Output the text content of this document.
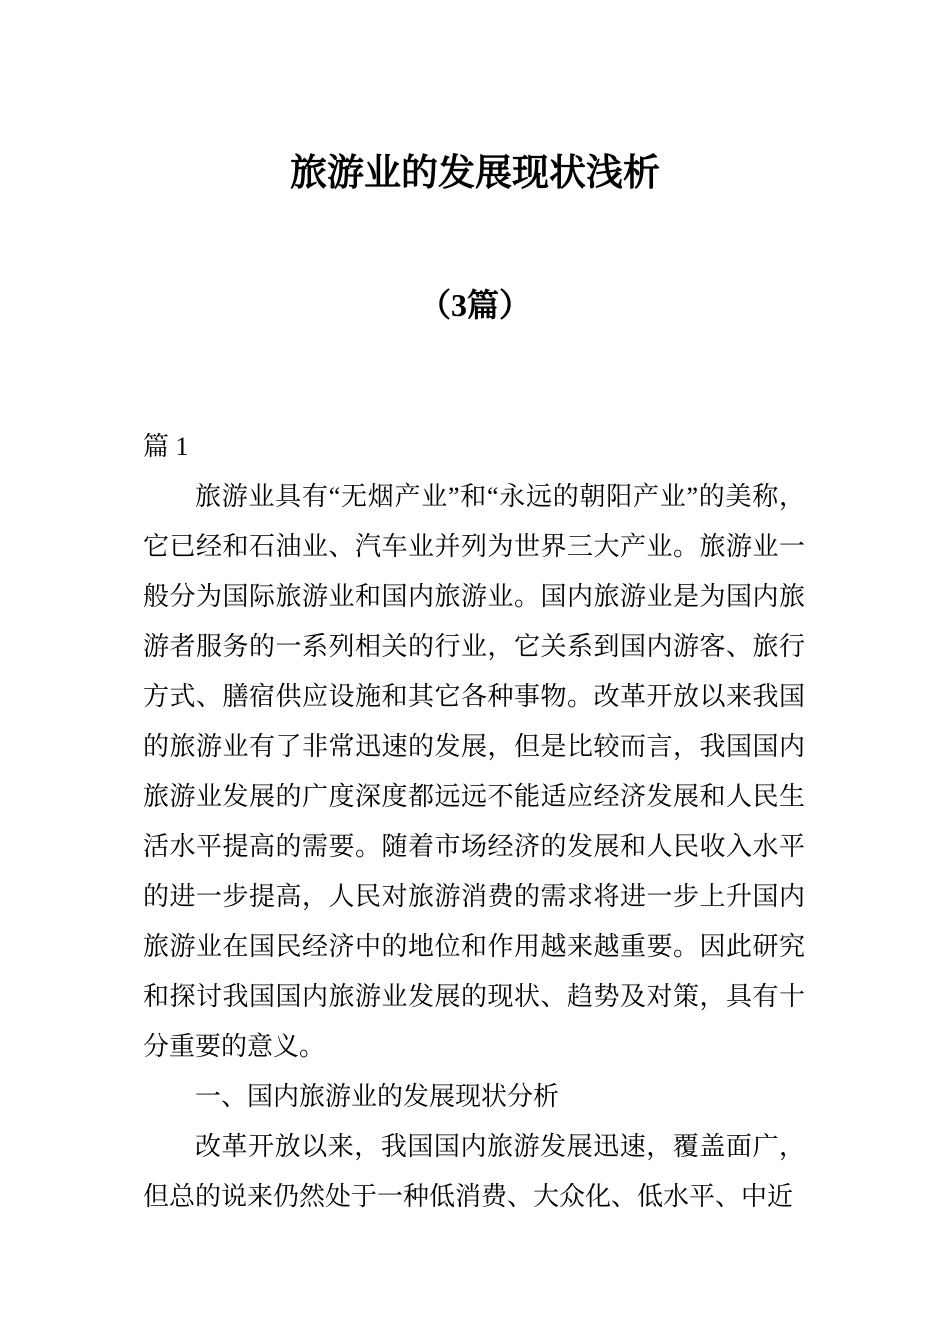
旅游业的发展现状浅析
（3篇）
篇 1

旅游业具有“无烟产业”和“永远的朝阳产业”的美称，它已经和石油业、汽车业并列为世界三大产业。旅游业一般分为国际旅游业和国内旅游业。国内旅游业是为国内旅游者服务的一系列相关的行业，它关系到国内游客、旅行方式、膳宿供应设施和其它各种事物。改革开放以来我国的旅游业有了非常迅速的发展，但是比较而言，我国国内旅游业发展的广度深度都远远不能适应经济发展和人民生活水平提高的需要。随着市场经济的发展和人民收入水平的进一步提高，人民对旅游消费的需求将进一步上升国内旅游业在国民经济中的地位和作用越来越重要。因此研究和探讨我国国内旅游业发展的现状、趋势及对策，具有十分重要的意义。

一、国内旅游业的发展现状分析

改革开放以来，我国国内旅游发展迅速，覆盖面广，但总的说来仍然处于一种低消费、大众化、低水平、中近
